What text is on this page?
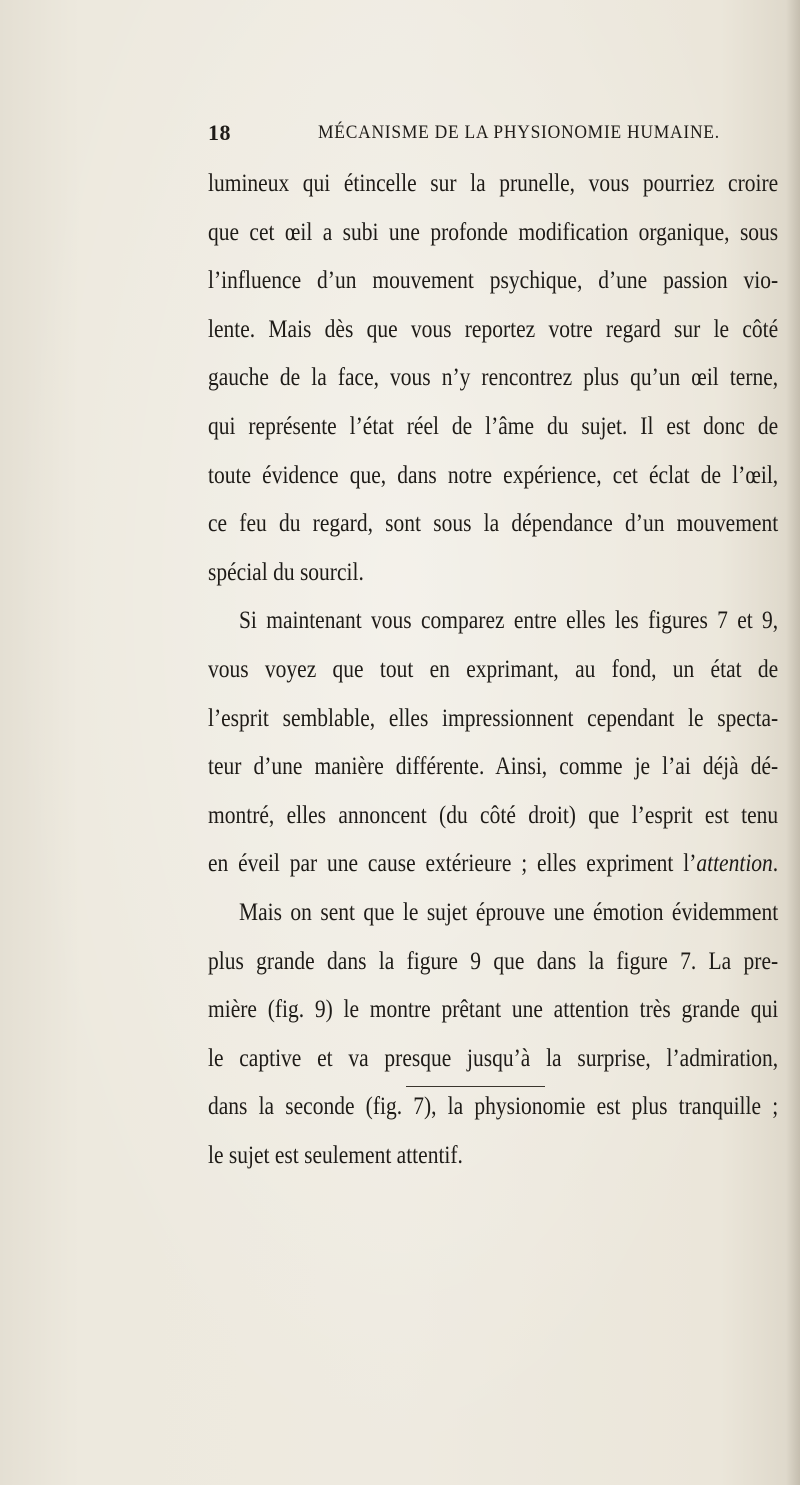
18	MÉCANISME DE LA PHYSIONOMIE HUMAINE.
lumineux qui étincelle sur la prunelle, vous pourriez croire
que cet œil a subi une profonde modification organique, sous
l’influence d’un mouvement psychique, d’une passion vio-
lente. Mais dès que vous reportez votre regard sur le côté
gauche de la face, vous n’y rencontrez plus qu’un œil terne,
qui représente l’état réel de l’âme du sujet. Il est donc de
toute évidence que, dans notre expérience, cet éclat de l’œil,
ce feu du regard, sont sous la dépendance d’un mouvement
spécial du sourcil.
Si maintenant vous comparez entre elles les figures 7 et 9,
vous voyez que tout en exprimant, au fond, un état de
l’esprit semblable, elles impressionnent cependant le specta-
teur d’une manière différente. Ainsi, comme je l’ai déjà dé-
montré, elles annoncent (du côté droit) que l’esprit est tenu
en éveil par une cause extérieure ; elles expriment l’attention.
Mais on sent que le sujet éprouve une émotion évidemment
plus grande dans la figure 9 que dans la figure 7. La pre-
mière (fig. 9) le montre prêtant une attention très grande qui
le captive et va presque jusqu’à la surprise, l’admiration,
dans la seconde (fig. 7), la physionomie est plus tranquille ;
le sujet est seulement attentif.
